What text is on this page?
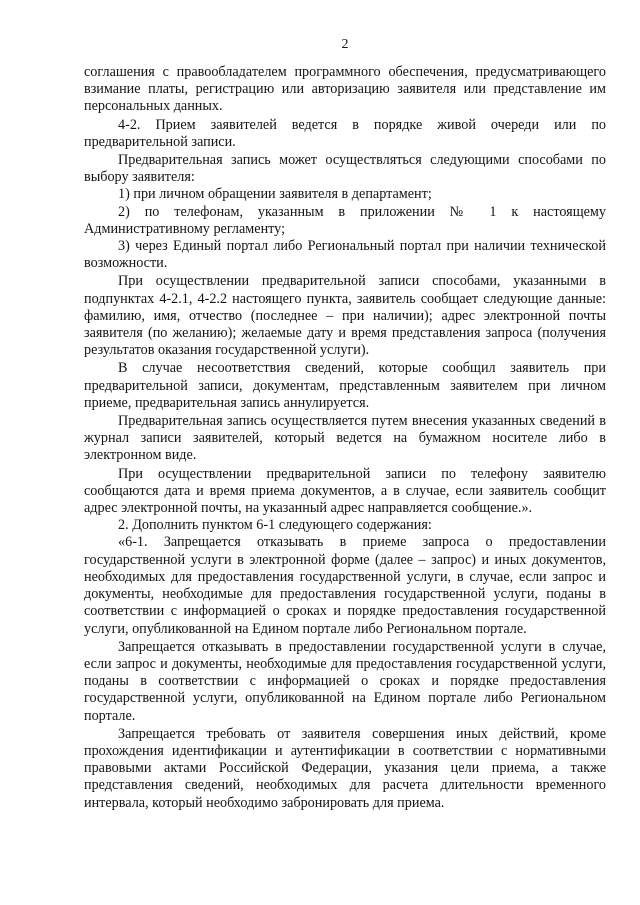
2

соглашения с правообладателем программного обеспечения, предусматривающего взимание платы, регистрацию или авторизацию заявителя или представление им персональных данных.

4-2. Прием заявителей ведется в порядке живой очереди или по предварительной записи.

Предварительная запись может осуществляться следующими способами по выбору заявителя:

1) при личном обращении заявителя в департамент;

2) по телефонам, указанным в приложении № 1 к настоящему Административному регламенту;

3) через Единый портал либо Региональный портал при наличии технической возможности.

При осуществлении предварительной записи способами, указанными в подпунктах 4-2.1, 4-2.2 настоящего пункта, заявитель сообщает следующие данные: фамилию, имя, отчество (последнее – при наличии); адрес электронной почты заявителя (по желанию); желаемые дату и время представления запроса (получения результатов оказания государственной услуги).

В случае несоответствия сведений, которые сообщил заявитель при предварительной записи, документам, представленным заявителем при личном приеме, предварительная запись аннулируется.

Предварительная запись осуществляется путем внесения указанных сведений в журнал записи заявителей, который ведется на бумажном носителе либо в электронном виде.

При осуществлении предварительной записи по телефону заявителю сообщаются дата и время приема документов, а в случае, если заявитель сообщит адрес электронной почты, на указанный адрес направляется сообщение.».

2. Дополнить пунктом 6-1 следующего содержания:

«6-1. Запрещается отказывать в приеме запроса о предоставлении государственной услуги в электронной форме (далее – запрос) и иных документов, необходимых для предоставления государственной услуги, в случае, если запрос и документы, необходимые для предоставления государственной услуги, поданы в соответствии с информацией о сроках и порядке предоставления государственной услуги, опубликованной на Едином портале либо Региональном портале.

Запрещается отказывать в предоставлении государственной услуги в случае, если запрос и документы, необходимые для предоставления государственной услуги, поданы в соответствии с информацией о сроках и порядке предоставления государственной услуги, опубликованной на Едином портале либо Региональном портале.

Запрещается требовать от заявителя совершения иных действий, кроме прохождения идентификации и аутентификации в соответствии с нормативными правовыми актами Российской Федерации, указания цели приема, а также представления сведений, необходимых для расчета длительности временного интервала, который необходимо забронировать для приема.
